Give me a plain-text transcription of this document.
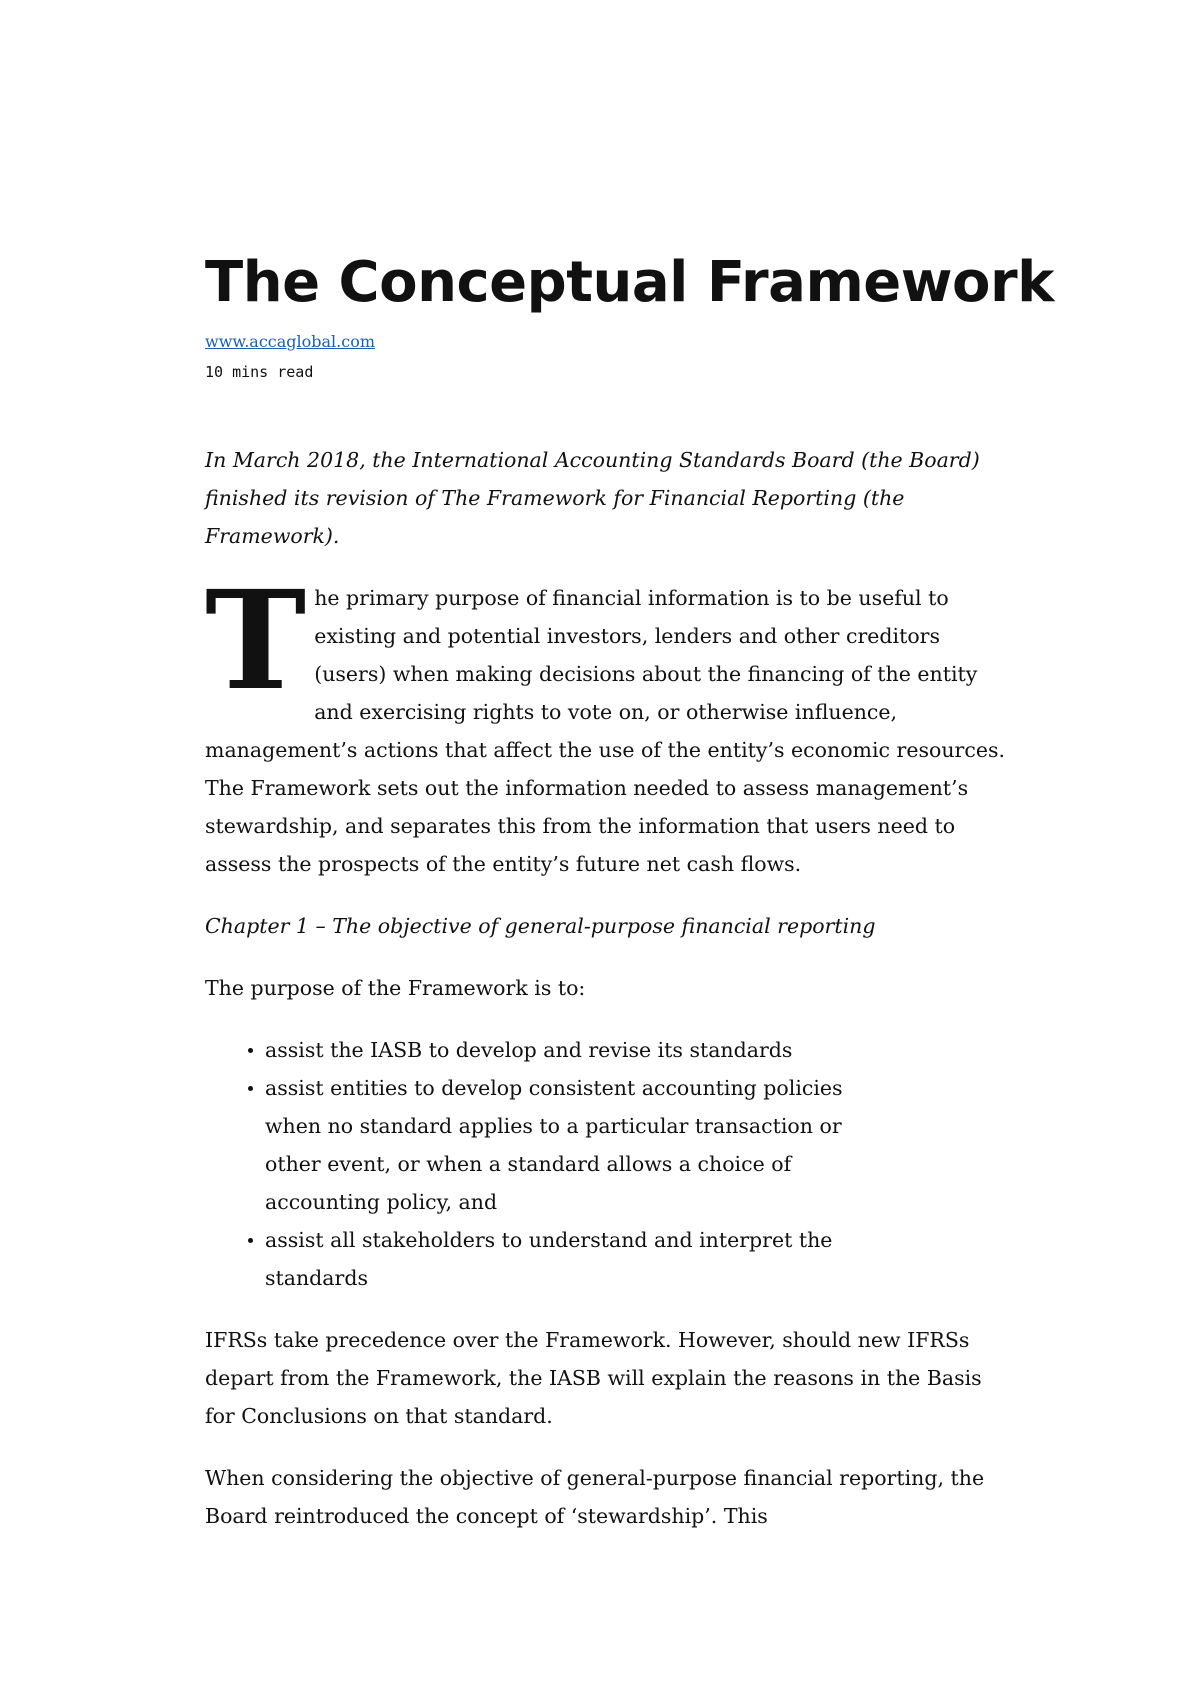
The Conceptual Framework
www.accaglobal.com
10 mins read

In March 2018, the International Accounting Standards Board (the Board) finished its revision of The Framework for Financial Reporting (the Framework).

The primary purpose of financial information is to be useful to existing and potential investors, lenders and other creditors (users) when making decisions about the financing of the entity and exercising rights to vote on, or otherwise influence, management’s actions that affect the use of the entity’s economic resources. The Framework sets out the information needed to assess management’s stewardship, and separates this from the information that users need to assess the prospects of the entity’s future net cash flows.

Chapter 1 – The objective of general-purpose financial reporting

The purpose of the Framework is to:

assist the IASB to develop and revise its standards
assist entities to develop consistent accounting policies when no standard applies to a particular transaction or other event, or when a standard allows a choice of accounting policy, and
assist all stakeholders to understand and interpret the standards

IFRSs take precedence over the Framework. However, should new IFRSs depart from the Framework, the IASB will explain the reasons in the Basis for Conclusions on that standard.

When considering the objective of general-purpose financial reporting, the Board reintroduced the concept of ‘stewardship’. This
